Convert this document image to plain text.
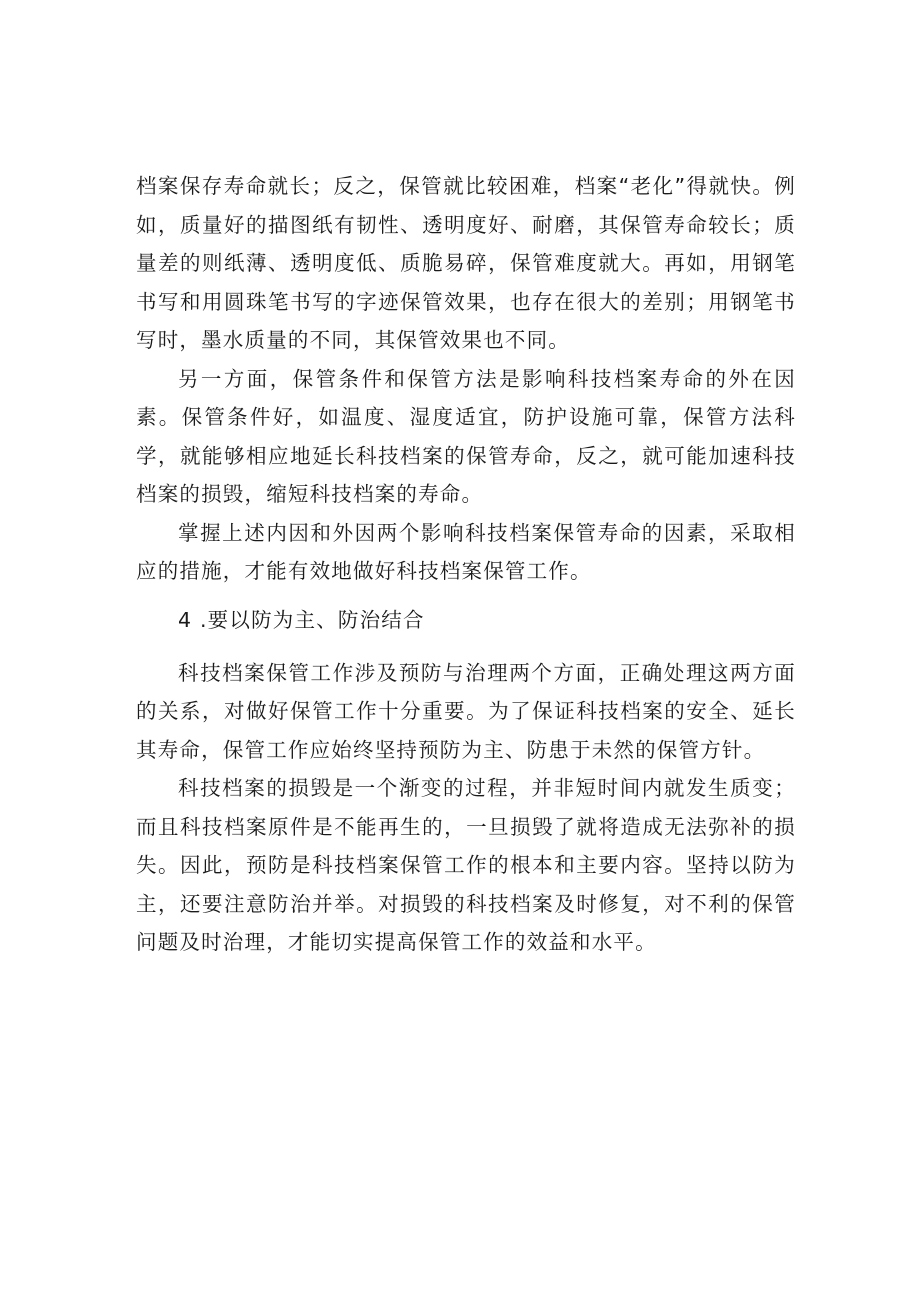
档案保存寿命就长；反之，保管就比较困难，档案“老化”得就快。例如，质量好的描图纸有韧性、透明度好、耐磨，其保管寿命较长；质量差的则纸薄、透明度低、质脆易碎，保管难度就大。再如，用钢笔书写和用圆珠笔书写的字迹保管效果，也存在很大的差别；用钢笔书写时，墨水质量的不同，其保管效果也不同。

另一方面，保管条件和保管方法是影响科技档案寿命的外在因素。保管条件好，如温度、湿度适宜，防护设施可靠，保管方法科学，就能够相应地延长科技档案的保管寿命，反之，就可能加速科技档案的损毁，缩短科技档案的寿命。

掌握上述内因和外因两个影响科技档案保管寿命的因素，采取相应的措施，才能有效地做好科技档案保管工作。

4 .要以防为主、防治结合

科技档案保管工作涉及预防与治理两个方面，正确处理这两方面的关系，对做好保管工作十分重要。为了保证科技档案的安全、延长其寿命，保管工作应始终坚持预防为主、防患于未然的保管方针。

科技档案的损毁是一个渐变的过程，并非短时间内就发生质变；而且科技档案原件是不能再生的，一旦损毁了就将造成无法弥补的损失。因此，预防是科技档案保管工作的根本和主要内容。坚持以防为主，还要注意防治并举。对损毁的科技档案及时修复，对不利的保管问题及时治理，才能切实提高保管工作的效益和水平。
